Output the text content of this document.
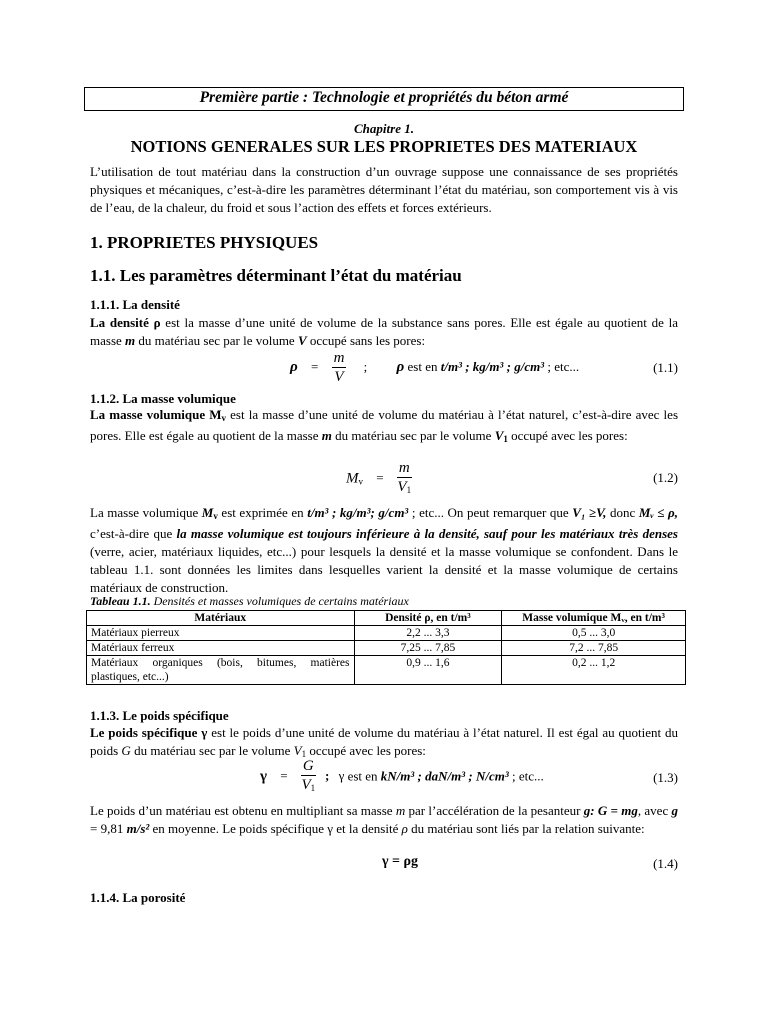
Première partie : Technologie et propriétés du béton armé
Chapitre 1.
NOTIONS GENERALES SUR LES PROPRIETES DES MATERIAUX
L’utilisation de tout matériau dans la construction d’un ouvrage suppose une connaissance de ses propriétés physiques et mécaniques, c’est-à-dire les paramètres déterminant l’état du matériau, son comportement vis à vis de l’eau, de la chaleur, du froid et sous l’action des effets et forces extérieurs.
1. PROPRIETES PHYSIQUES
1.1. Les paramètres déterminant l’état du matériau
1.1.1. La densité
La densité ρ est la masse d’une unité de volume de la substance sans pores. Elle est égale au quotient de la masse m du matériau sec par le volume V occupé sans les pores:
$\rho = \frac{m}{V}$ ; ρ est en t/m³ ; kg/m³ ; g/cm³ ; etc...	(1.1)
1.1.2. La masse volumique
La masse volumique $M_v$ est la masse d’une unité de volume du matériau à l’état naturel, c’est-à-dire avec les pores. Elle est égale au quotient de la masse m du matériau sec par le volume $V_1$ occupé avec les pores:
$M_v = \frac{m}{V_1}$	(1.2)
La masse volumique $M_v$ est exprimée en t/m³ ; kg/m³; g/cm³ ; etc... On peut remarquer que V₁ ≥V, donc Mᵥ ≤ ρ, c’est-à-dire que la masse volumique est toujours inférieure à la densité, sauf pour les matériaux très denses (verre, acier, matériaux liquides, etc...) pour lesquels la densité et la masse volumique se confondent. Dans le tableau 1.1. sont données les limites dans lesquelles varient la densité et la masse volumique de certains matériaux de construction.
Tableau 1.1. Densités et masses volumiques de certains matériaux
Matériaux	Densité ρ, en t/m³	Masse volumique Mᵥ, en t/m³
Matériaux pierreux	2,2 ... 3,3	0,5 ... 3,0
Matériaux ferreux	7,25 ... 7,85	7,2 ... 7,85
Matériaux organiques (bois, bitumes, matières plastiques, etc...)	0,9 ... 1,6	0,2 ... 1,2
1.1.3. Le poids spécifique
Le poids spécifique γ est le poids d’une unité de volume du matériau à l’état naturel. Il est égal au quotient du poids G du matériau sec par le volume $V_1$ occupé avec les pores:
$\gamma = \frac{G}{V_1}$ ; γ est en kN/m³ ; daN/m³ ; N/cm³ ; etc...	(1.3)
Le poids d’un matériau est obtenu en multipliant sa masse m par l’accélération de la pesanteur g: G = mg, avec g = 9,81 m/s² en moyenne. Le poids spécifique γ et la densité ρ du matériau sont liés par la relation suivante:
γ = ρg	(1.4)
1.1.4. La porosité
